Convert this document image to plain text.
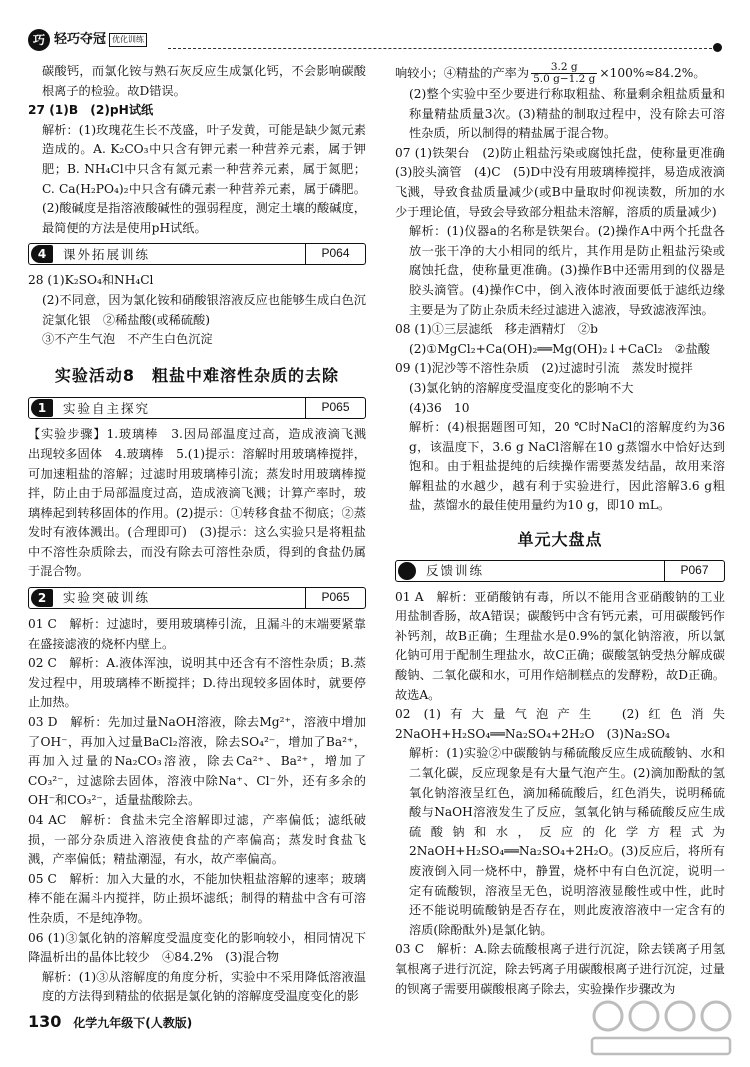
巧 轻巧夺冠 优化训练

碳酸钙，而氯化铵与熟石灰反应生成氯化钙，不会影响碳酸根离子的检验。故D错误。

27 (1)B　(2)pH试纸

解析：(1)玫瑰花生长不茂盛，叶子发黄，可能是缺少氮元素造成的。A. K₂CO₃中只含有钾元素一种营养元素，属于钾肥；B. NH₄Cl中只含有氮元素一种营养元素，属于氮肥；C. Ca(H₂PO₄)₂中只含有磷元素一种营养元素，属于磷肥。(2)酸碱度是指溶液酸碱性的强弱程度，测定土壤的酸碱度，最简便的方法是使用pH试纸。

4	课外拓展训练	P064

28 (1)K₂SO₄和NH₄Cl

(2)不同意，因为氯化铵和硝酸银溶液反应也能够生成白色沉淀氯化银　②稀盐酸(或稀硫酸)

③不产生气泡　不产生白色沉淀

实验活动8　粗盐中难溶性杂质的去除
1	实验自主探究	P065

【实验步骤】1.玻璃棒　3.因局部温度过高，造成液滴飞溅　出现较多固体　4.玻璃棒　5.(1)提示：溶解时用玻璃棒搅拌，可加速粗盐的溶解；过滤时用玻璃棒引流；蒸发时用玻璃棒搅拌，防止由于局部温度过高，造成液滴飞溅；计算产率时，玻璃棒起到转移固体的作用。(2)提示：①转移食盐不彻底；②蒸发时有液体溅出。(合理即可)　(3)提示：这么实验只是将粗盐中不溶性杂质除去，而没有除去可溶性杂质，得到的食盐仍属于混合物。

2	实验突破训练	P065

01 C　解析：过滤时，要用玻璃棒引流，且漏斗的末端要紧靠在盛接滤液的烧杯内壁上。

02 C　解析：A.液体浑浊，说明其中还含有不溶性杂质；B.蒸发过程中，用玻璃棒不断搅拌；D.待出现较多固体时，就要停止加热。

03 D　解析：先加过量NaOH溶液，除去Mg²⁺，溶液中增加了OH⁻，再加入过量BaCl₂溶液，除去SO₄²⁻，增加了Ba²⁺，再加入过量的Na₂CO₃溶液，除去Ca²⁺、Ba²⁺，增加了CO₃²⁻，过滤除去固体，溶液中除Na⁺、Cl⁻外，还有多余的OH⁻和CO₃²⁻，适量盐酸除去。

04 AC　解析：食盐未完全溶解即过滤，产率偏低；滤纸破损，一部分杂质进入溶液使食盐的产率偏高；蒸发时食盐飞溅，产率偏低；精盐潮湿，有水，故产率偏高。

05 C　解析：加入大量的水，不能加快粗盐溶解的速率；玻璃棒不能在漏斗内搅拌，防止损坏滤纸；制得的精盐中含有可溶性杂质，不是纯净物。

06 (1)③氯化钠的溶解度受温度变化的影响较小，相同情况下降温析出的晶体比较少　④84.2%　(3)混合物

解析：(1)③从溶解度的角度分析，实验中不采用降低溶液温度的方法得到精盐的依据是氯化钠的溶解度受温度变化的影

响较小；④精盐的产率为 $\frac{3.2 g}{5.0 g-1.2 g} \times 100\%\approx 84.2\%$。

(2)整个实验中至少要进行称取粗盐、称量剩余粗盐质量和称量精盐质量3次。(3)精盐的制取过程中，没有除去可溶性杂质，所以制得的精盐属于混合物。

07 (1)铁架台　(2)防止粗盐污染或腐蚀托盘，使称量更准确　(3)胶头滴管　(4)C　(5)D中没有用玻璃棒搅拌，易造成液滴飞溅，导致食盐质量减少(或B中量取时仰视读数，所加的水少于理论值，导致会导致部分粗盐未溶解，溶质的质量减少)

解析：(1)仪器a的名称是铁架台。(2)操作A中两个托盘各放一张干净的大小相同的纸片，其作用是防止粗盐污染或腐蚀托盘，使称量更准确。(3)操作B中还需用到的仪器是胶头滴管。(4)操作C中，倒入液体时液面要低于滤纸边缘主要是为了防止杂质未经过滤进入滤液，导致滤液浑浊。

08 (1)①三层滤纸　移走酒精灯　②b

(2)①MgCl₂+Ca(OH)₂══Mg(OH)₂↓+CaCl₂　②盐酸

09 (1)泥沙等不溶性杂质　(2)过滤时引流　蒸发时搅拌

(3)氯化钠的溶解度受温度变化的影响不大

(4)36　10

解析：(4)根据题图可知，20 ℃时NaCl的溶解度约为36 g，该温度下，3.6 g NaCl溶解在10 g蒸馏水中恰好达到饱和。由于粗盐提纯的后续操作需要蒸发结晶，故用来溶解粗盐的水越少，越有利于实验进行，因此溶解3.6 g粗盐，蒸馏水的最佳使用量约为10 g，即10 mL。

单元大盘点
反馈训练	P067

01 A　解析：亚硝酸钠有毒，所以不能用含亚硝酸钠的工业用盐制香肠，故A错误；碳酸钙中含有钙元素，可用碳酸钙作补钙剂，故B正确；生理盐水是0.9%的氯化钠溶液，所以氯化钠可用于配制生理盐水，故C正确；碳酸氢钠受热分解成碳酸钠、二氧化碳和水，可用作焙制糕点的发酵粉，故D正确。故选A。

02 (1)有大量气泡产生　(2)红色消失　2NaOH+H₂SO₄══Na₂SO₄+2H₂O　(3)Na₂SO₄

解析：(1)实验②中碳酸钠与稀硫酸反应生成硫酸钠、水和二氧化碳，反应现象是有大量气泡产生。(2)滴加酚酞的氢氧化钠溶液呈红色，滴加稀硫酸后，红色消失，说明稀硫酸与NaOH溶液发生了反应，氢氧化钠与稀硫酸反应生成硫酸钠和水，反应的化学方程式为2NaOH+H₂SO₄══Na₂SO₄+2H₂O。(3)反应后，将所有废液倒入同一烧杯中，静置，烧杯中有白色沉淀，说明一定有硫酸钡，溶液呈无色，说明溶液显酸性或中性，此时还不能说明硫酸钠是否存在，则此废液溶液中一定含有的溶质(除酚酞外)是氯化钠。

03 C　解析：A.除去硫酸根离子进行沉淀，除去镁离子用氢氧根离子进行沉淀，除去钙离子用碳酸根离子进行沉淀，过量的钡离子需要用碳酸根离子除去，实验操作步骤改为

130 化学九年级下(人教版)
